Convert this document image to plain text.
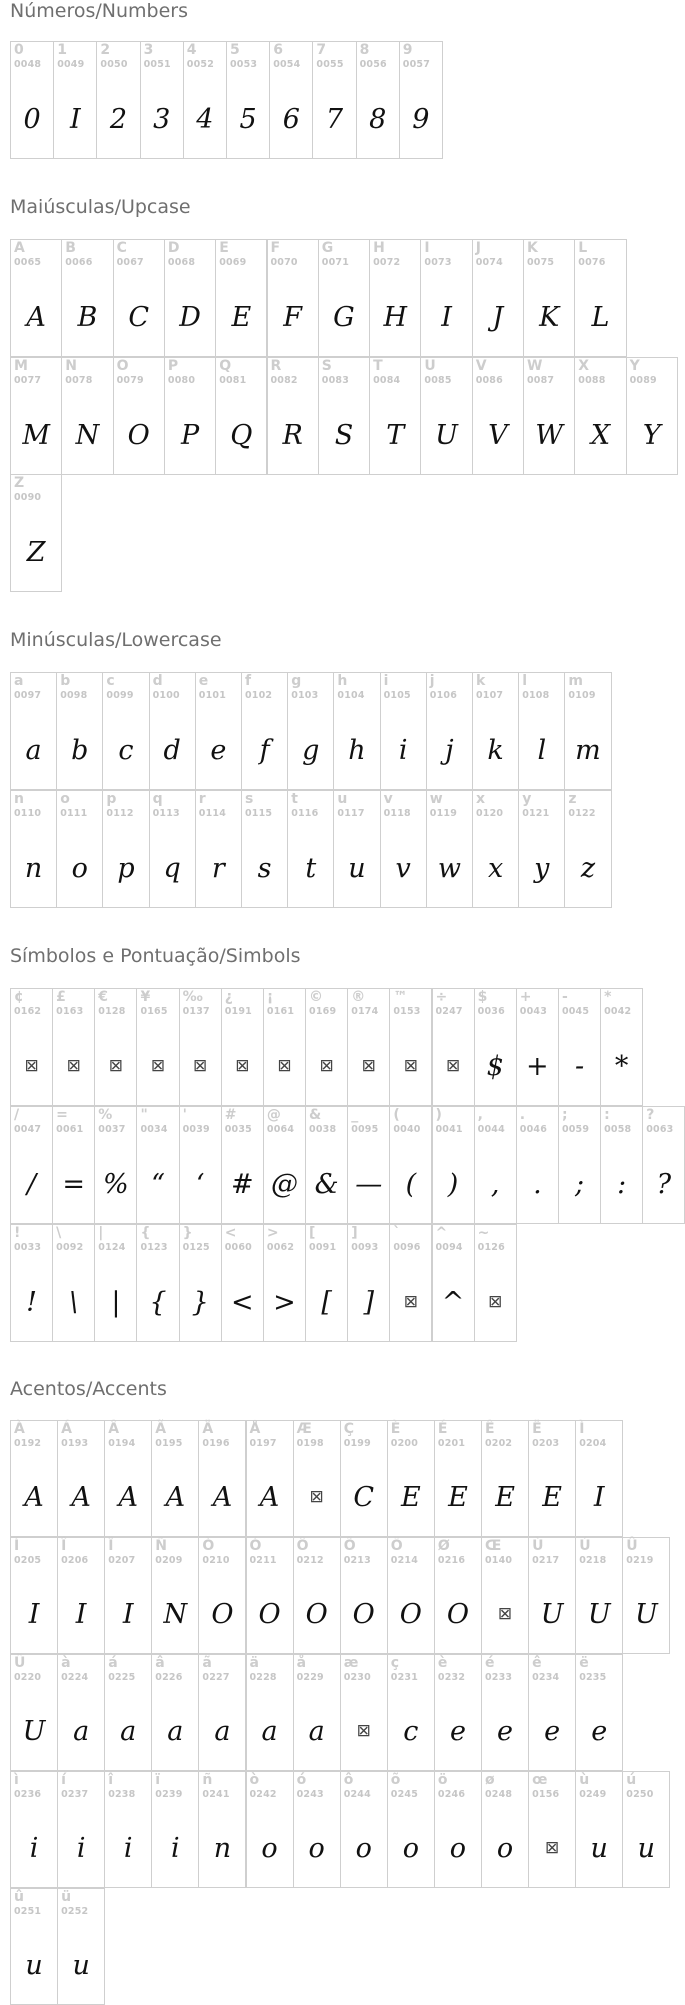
Números/Numbers
0
0048
0
1
0049
I
2
0050
2
3
0051
3
4
0052
4
5
0053
5
6
0054
6
7
0055
7
8
0056
8
9
0057
9
Maiúsculas/Upcase
A
0065
A
B
0066
B
C
0067
C
D
0068
D
E
0069
E
F
0070
F
G
0071
G
H
0072
H
I
0073
I
J
0074
J
K
0075
K
L
0076
L
M
0077
M
N
0078
N
O
0079
O
P
0080
P
Q
0081
Q
R
0082
R
S
0083
S
T
0084
T
U
0085
U
V
0086
V
W
0087
W
X
0088
X
Y
0089
Y
Z
0090
Z
Minúsculas/Lowercase
a
0097
a
b
0098
b
c
0099
c
d
0100
d
e
0101
e
f
0102
f
g
0103
g
h
0104
h
i
0105
i
j
0106
j
k
0107
k
l
0108
l
m
0109
m
n
0110
n
o
0111
o
p
0112
p
q
0113
q
r
0114
r
s
0115
s
t
0116
t
u
0117
u
v
0118
v
w
0119
w
x
0120
x
y
0121
y
z
0122
z
Símbolos e Pontuação/Simbols
¢
0162
⊠
£
0163
⊠
€
0128
⊠
¥
0165
⊠
‰
0137
⊠
¿
0191
⊠
¡
0161
⊠
©
0169
⊠
®
0174
⊠
™
0153
⊠
÷
0247
⊠
$
0036
$
+
0043
+
-
0045
-
*
0042
*
/
0047
/
=
0061
=
%
0037
%
"
0034
“
'
0039
‘
#
0035
#
@
0064
@
&
0038
&
_
0095
—
(
0040
(
)
0041
)
,
0044
,
.
0046
.
;
0059
;
:
0058
:
?
0063
?
!
0033
!
\
0092
\
|
0124
|
{
0123
{
}
0125
}
<
0060
<
>
0062
>
[
0091
[
]
0093
]
`
0096
⊠
^
0094
^
~
0126
⊠
Acentos/Accents
À
0192
A
Á
0193
A
Â
0194
A
Ã
0195
A
Ä
0196
A
Å
0197
A
Æ
0198
⊠
Ç
0199
C
È
0200
E
É
0201
E
Ê
0202
E
Ë
0203
E
Ì
0204
I
Í
0205
I
Î
0206
I
Ï
0207
I
Ñ
0209
N
Ò
0210
O
Ó
0211
O
Ô
0212
O
Õ
0213
O
Ö
0214
O
Ø
0216
O
Œ
0140
⊠
Ù
0217
U
Ú
0218
U
Û
0219
U
Ü
0220
U
à
0224
a
á
0225
a
â
0226
a
ã
0227
a
ä
0228
a
å
0229
a
æ
0230
⊠
ç
0231
c
è
0232
e
é
0233
e
ê
0234
e
ë
0235
e
ì
0236
i
í
0237
i
î
0238
i
ï
0239
i
ñ
0241
n
ò
0242
o
ó
0243
o
ô
0244
o
õ
0245
o
ö
0246
o
ø
0248
o
œ
0156
⊠
ù
0249
u
ú
0250
u
û
0251
u
ü
0252
u
